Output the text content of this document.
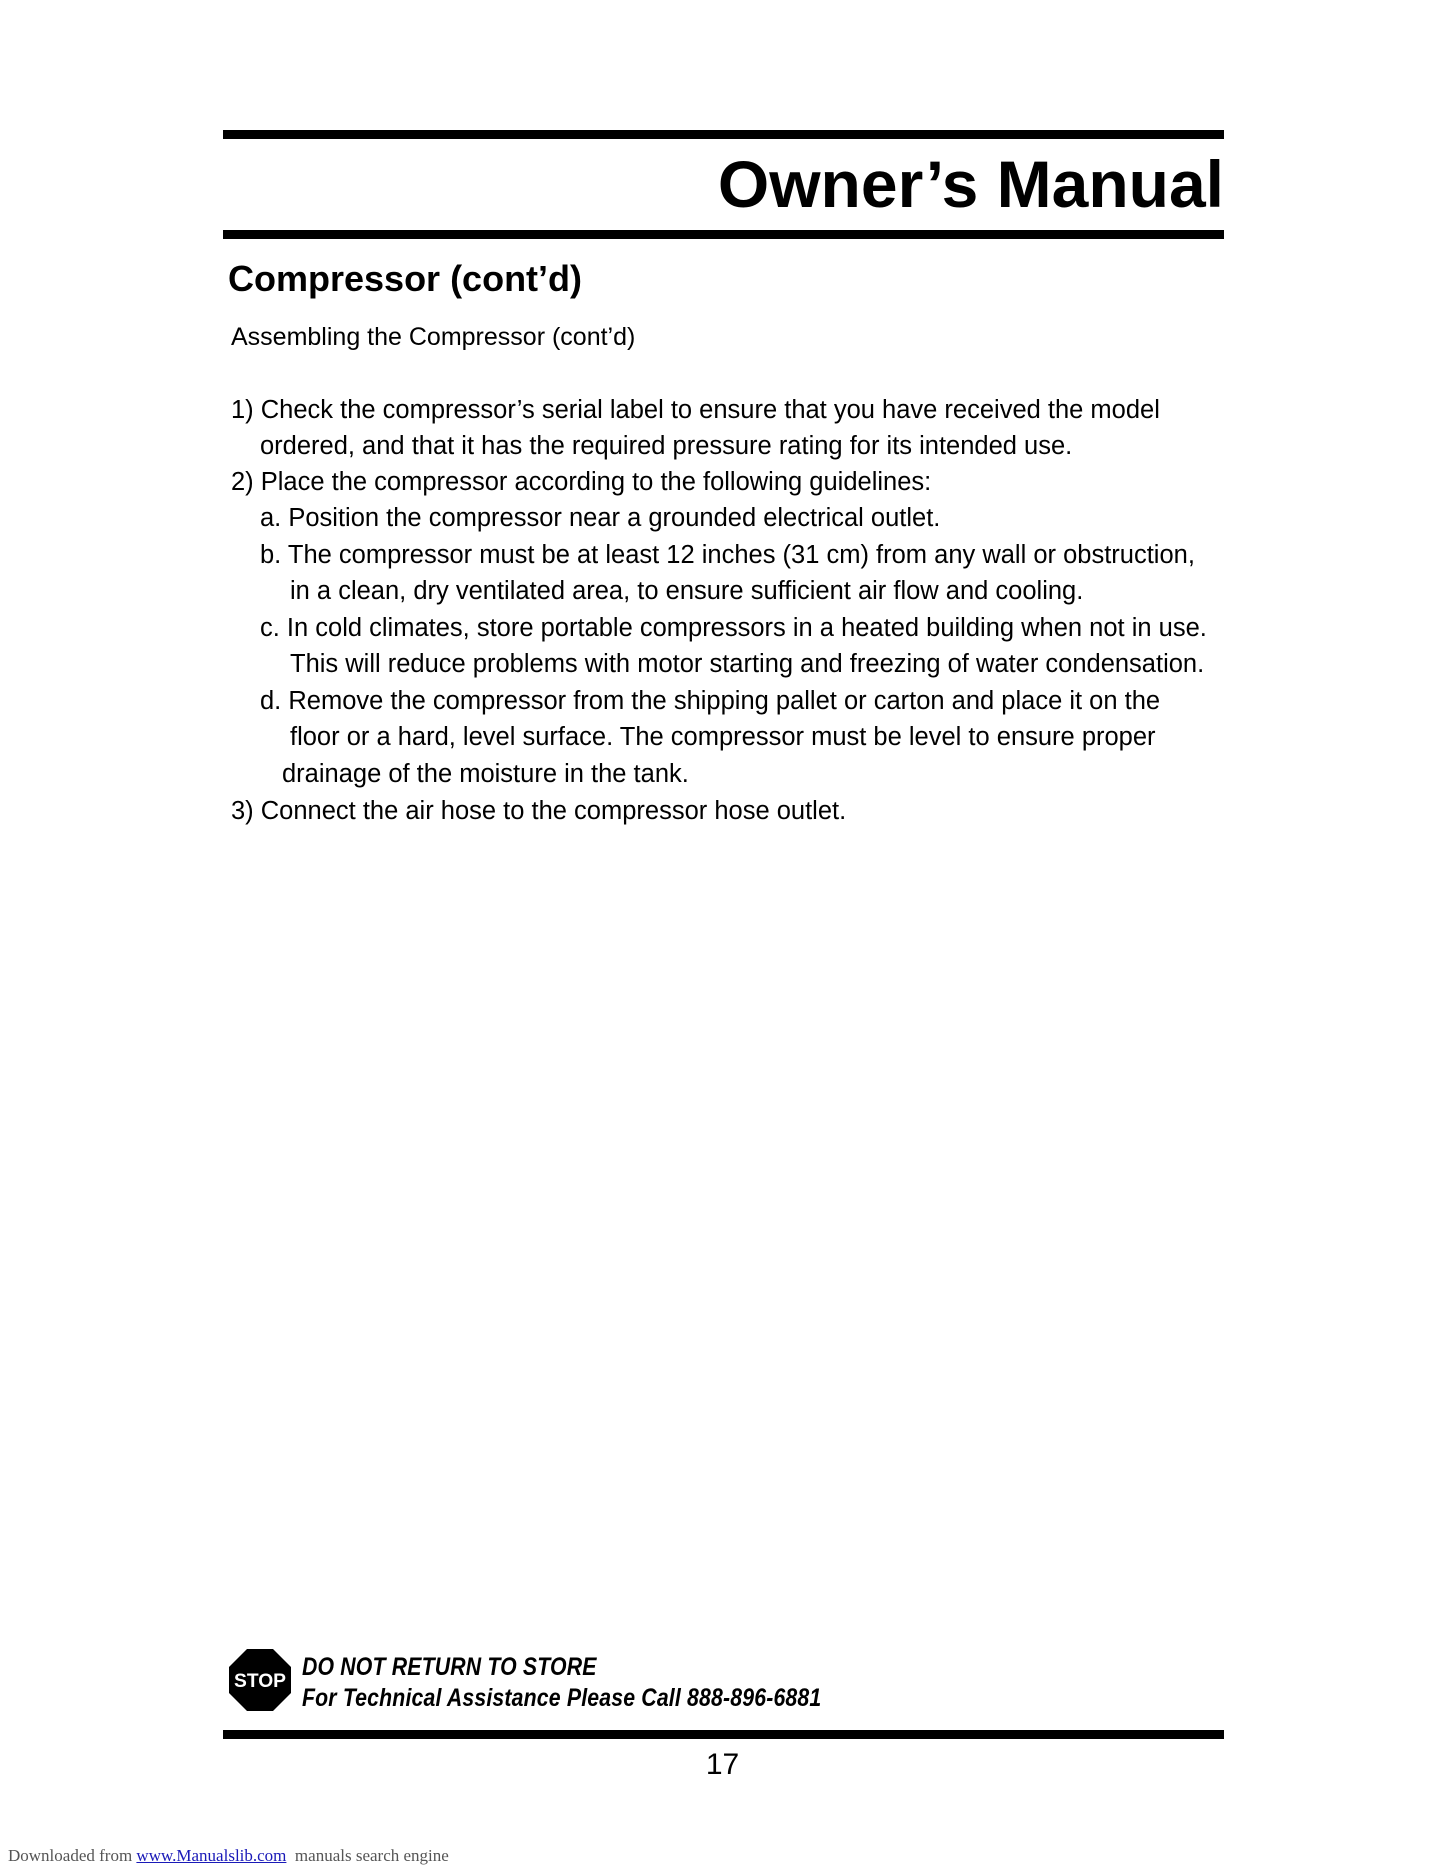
Owner’s Manual
Compressor (cont’d)
Assembling the Compressor (cont’d)
1) Check the compressor’s serial label to ensure that you have received the model
ordered, and that it has the required pressure rating for its intended use.
2) Place the compressor according to the following guidelines:
a. Position the compressor near a grounded electrical outlet.
b. The compressor must be at least 12 inches (31 cm) from any wall or obstruction,
in a clean, dry ventilated area, to ensure sufficient air flow and cooling.
c. In cold climates, store portable compressors in a heated building when not in use.
This will reduce problems with motor starting and freezing of water condensation.
d. Remove the compressor from the shipping pallet or carton and place it on the
floor or a hard, level surface. The compressor must be level to ensure proper
drainage of the moisture in the tank.
3) Connect the air hose to the compressor hose outlet.
STOP
DO NOT RETURN TO STORE
For Technical Assistance Please Call 888-896-6881
17
Downloaded from www.Manualslib.com  manuals search engine
